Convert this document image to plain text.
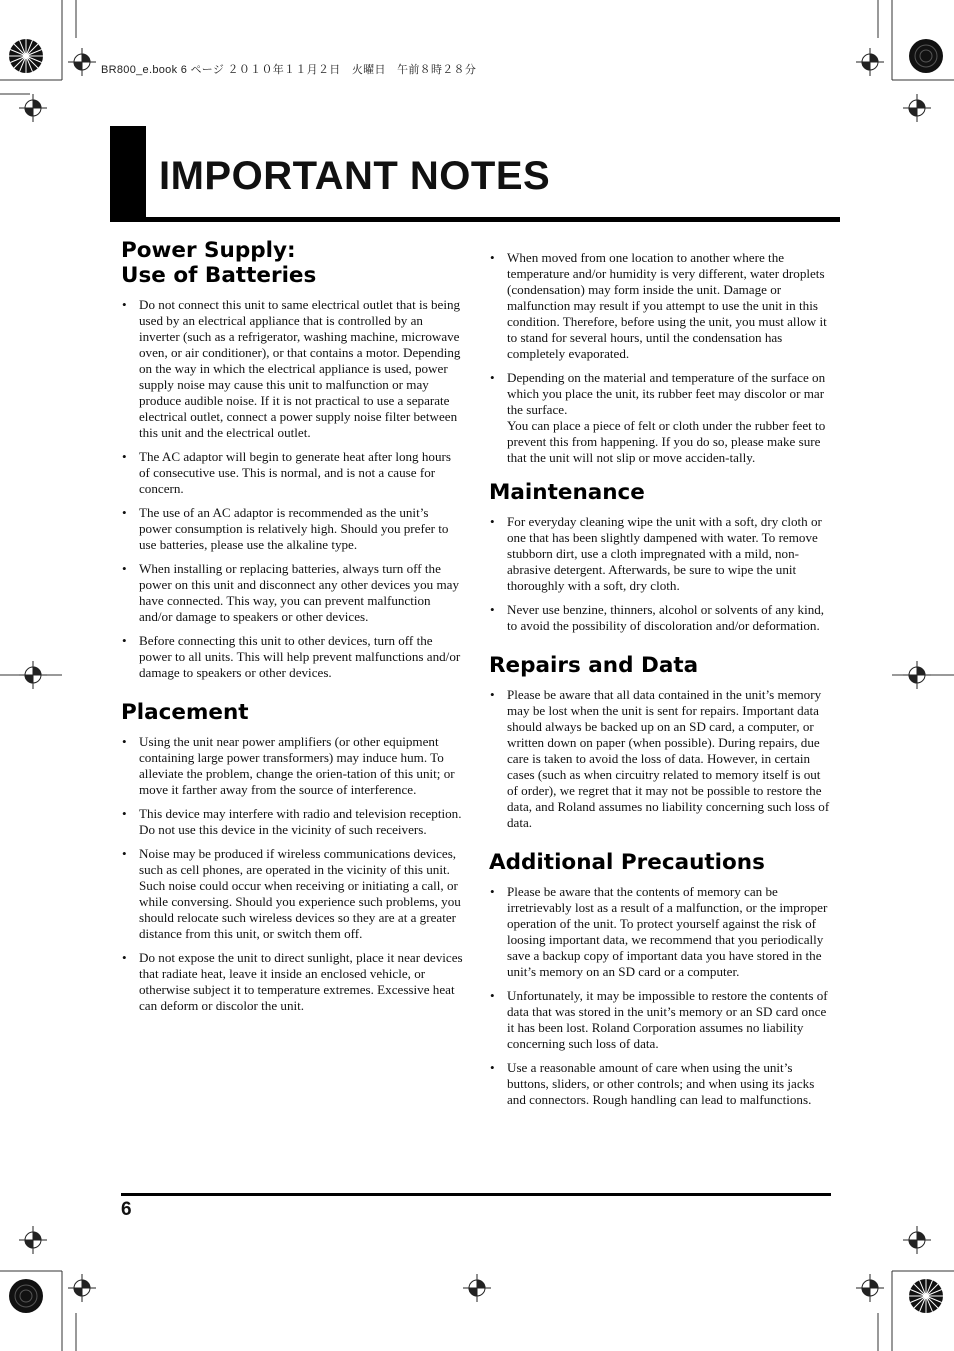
BR800_e.book 6 ページ ２０１０年１１月２日　火曜日　午前８時２８分
IMPORTANT NOTES
Power Supply:
Use of Batteries
• Do not connect this unit to same electrical outlet that is being used by an electrical appliance that is controlled by an inverter (such as a refrigerator, washing machine, microwave oven, or air conditioner), or that contains a motor. Depending on the way in which the electrical appliance is used, power supply noise may cause this unit to malfunction or may produce audible noise. If it is not practical to use a separate electrical outlet, connect a power supply noise filter between this unit and the electrical outlet.
• The AC adaptor will begin to generate heat after long hours of consecutive use. This is normal, and is not a cause for concern.
• The use of an AC adaptor is recommended as the unit’s power consumption is relatively high. Should you prefer to use batteries, please use the alkaline type.
• When installing or replacing batteries, always turn off the power on this unit and disconnect any other devices you may have connected. This way, you can prevent malfunction and/or damage to speakers or other devices.
• Before connecting this unit to other devices, turn off the power to all units. This will help prevent malfunctions and/or damage to speakers or other devices.
Placement
• Using the unit near power amplifiers (or other equipment containing large power transformers) may induce hum. To alleviate the problem, change the orien-tation of this unit; or move it farther away from the source of interference.
• This device may interfere with radio and television reception. Do not use this device in the vicinity of such receivers.
• Noise may be produced if wireless communications devices, such as cell phones, are operated in the vicinity of this unit. Such noise could occur when receiving or initiating a call, or while conversing. Should you experience such problems, you should relocate such wireless devices so they are at a greater distance from this unit, or switch them off.
• Do not expose the unit to direct sunlight, place it near devices that radiate heat, leave it inside an enclosed vehicle, or otherwise subject it to temperature extremes. Excessive heat can deform or discolor the unit.
• When moved from one location to another where the temperature and/or humidity is very different, water droplets (condensation) may form inside the unit. Damage or malfunction may result if you attempt to use the unit in this condition. Therefore, before using the unit, you must allow it to stand for several hours, until the condensation has completely evaporated.
• Depending on the material and temperature of the surface on which you place the unit, its rubber feet may discolor or mar the surface.
You can place a piece of felt or cloth under the rubber feet to prevent this from happening. If you do so, please make sure that the unit will not slip or move acciden-tally.
Maintenance
• For everyday cleaning wipe the unit with a soft, dry cloth or one that has been slightly dampened with water. To remove stubborn dirt, use a cloth impregnated with a mild, non-abrasive detergent. Afterwards, be sure to wipe the unit thoroughly with a soft, dry cloth.
• Never use benzine, thinners, alcohol or solvents of any kind, to avoid the possibility of discoloration and/or deformation.
Repairs and Data
• Please be aware that all data contained in the unit’s memory may be lost when the unit is sent for repairs. Important data should always be backed up on an SD card, a computer, or written down on paper (when possible). During repairs, due care is taken to avoid the loss of data. However, in certain cases (such as when circuitry related to memory itself is out of order), we regret that it may not be possible to restore the data, and Roland assumes no liability concerning such loss of data.
Additional Precautions
• Please be aware that the contents of memory can be irretrievably lost as a result of a malfunction, or the improper operation of the unit. To protect yourself against the risk of loosing important data, we recommend that you periodically save a backup copy of important data you have stored in the unit’s memory on an SD card or a computer.
• Unfortunately, it may be impossible to restore the contents of data that was stored in the unit’s memory or an SD card once it has been lost. Roland Corporation assumes no liability concerning such loss of data.
• Use a reasonable amount of care when using the unit’s buttons, sliders, or other controls; and when using its jacks and connectors. Rough handling can lead to malfunctions.
6
